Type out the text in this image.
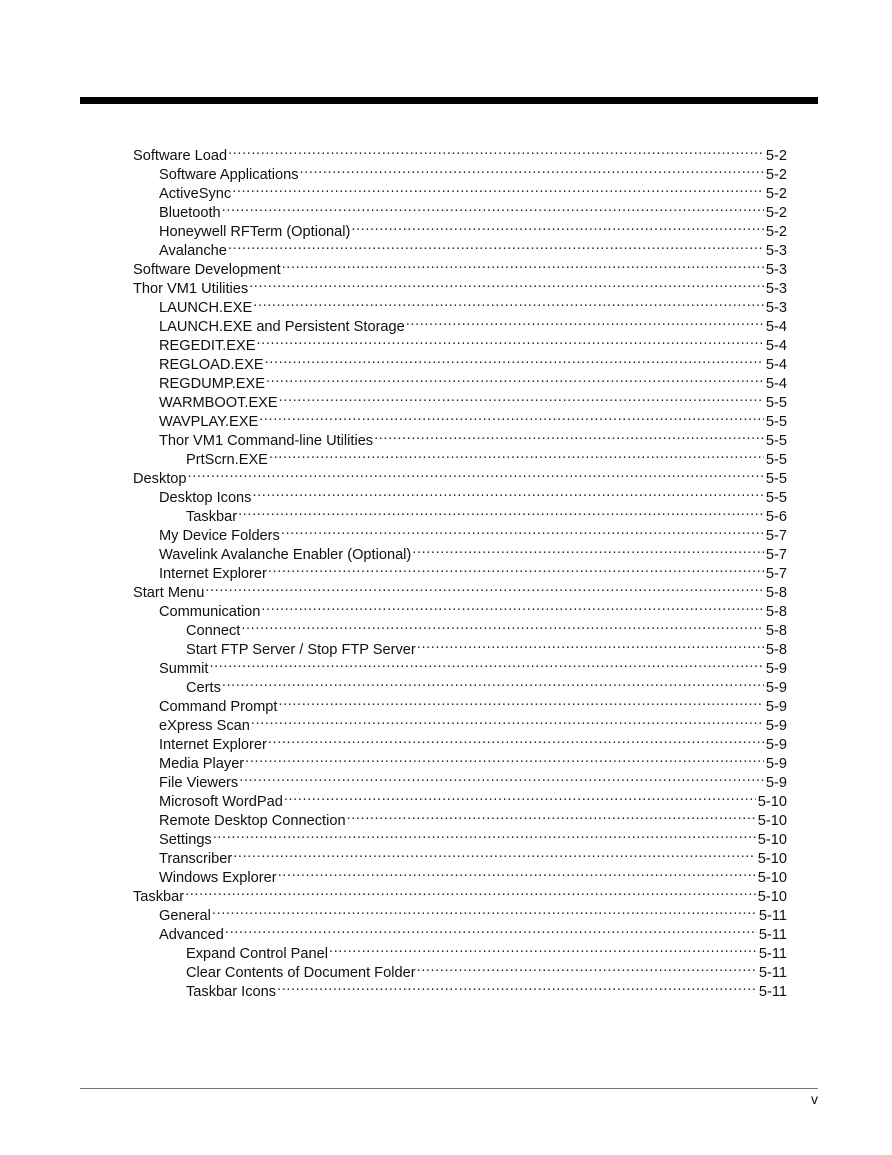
Software Load .....	5-2
Software Applications .....	5-2
ActiveSync .....	5-2
Bluetooth .....	5-2
Honeywell RFTerm (Optional) .....	5-2
Avalanche .....	5-3
Software Development .....	5-3
Thor VM1 Utilities .....	5-3
LAUNCH.EXE .....	5-3
LAUNCH.EXE and Persistent Storage .....	5-4
REGEDIT.EXE .....	5-4
REGLOAD.EXE .....	5-4
REGDUMP.EXE .....	5-4
WARMBOOT.EXE .....	5-5
WAVPLAY.EXE .....	5-5
Thor VM1 Command-line Utilities .....	5-5
PrtScrn.EXE .....	5-5
Desktop .....	5-5
Desktop Icons .....	5-5
Taskbar .....	5-6
My Device Folders .....	5-7
Wavelink Avalanche Enabler (Optional) .....	5-7
Internet Explorer .....	5-7
Start Menu .....	5-8
Communication .....	5-8
Connect .....	5-8
Start FTP Server / Stop FTP Server .....	5-8
Summit .....	5-9
Certs .....	5-9
Command Prompt .....	5-9
eXpress Scan .....	5-9
Internet Explorer .....	5-9
Media Player .....	5-9
File Viewers .....	5-9
Microsoft WordPad .....	5-10
Remote Desktop Connection .....	5-10
Settings .....	5-10
Transcriber .....	5-10
Windows Explorer .....	5-10
Taskbar .....	5-10
General .....	5-11
Advanced .....	5-11
Expand Control Panel .....	5-11
Clear Contents of Document Folder .....	5-11
Taskbar Icons .....	5-11
v
